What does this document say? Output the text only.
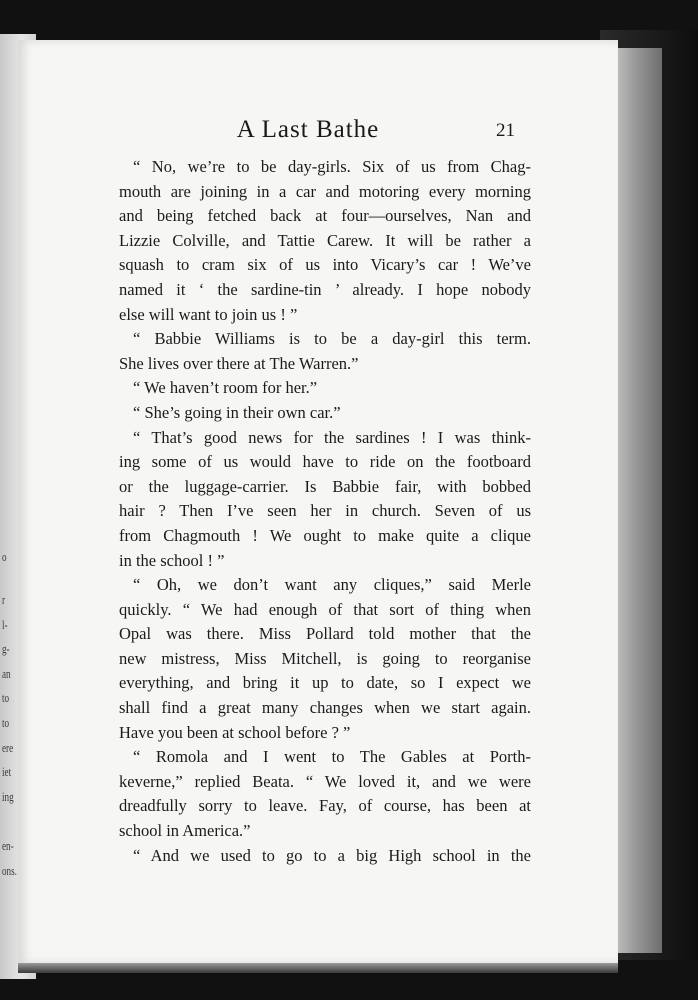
o
r
l-
g-
an
to
to
ere
iet
ing
en-
ons.
A Last Bathe	21
“ No, we’re to be day-girls. Six of us from Chag-
mouth are joining in a car and motoring every morning
and being fetched back at four—ourselves, Nan and
Lizzie Colville, and Tattie Carew. It will be rather a
squash to cram six of us into Vicary’s car ! We’ve
named it ‘ the sardine-tin ’ already. I hope nobody
else will want to join us ! ”
“ Babbie Williams is to be a day-girl this term.
She lives over there at The Warren.”
“ We haven’t room for her.”
“ She’s going in their own car.”
“ That’s good news for the sardines ! I was think-
ing some of us would have to ride on the footboard
or the luggage-carrier. Is Babbie fair, with bobbed
hair ? Then I’ve seen her in church. Seven of us
from Chagmouth ! We ought to make quite a clique
in the school ! ”
“ Oh, we don’t want any cliques,” said Merle
quickly. “ We had enough of that sort of thing when
Opal was there. Miss Pollard told mother that the
new mistress, Miss Mitchell, is going to reorganise
everything, and bring it up to date, so I expect we
shall find a great many changes when we start again.
Have you been at school before ? ”
“ Romola and I went to The Gables at Porth-
keverne,” replied Beata. “ We loved it, and we were
dreadfully sorry to leave. Fay, of course, has been at
school in America.”
“ And we used to go to a big High school in the
